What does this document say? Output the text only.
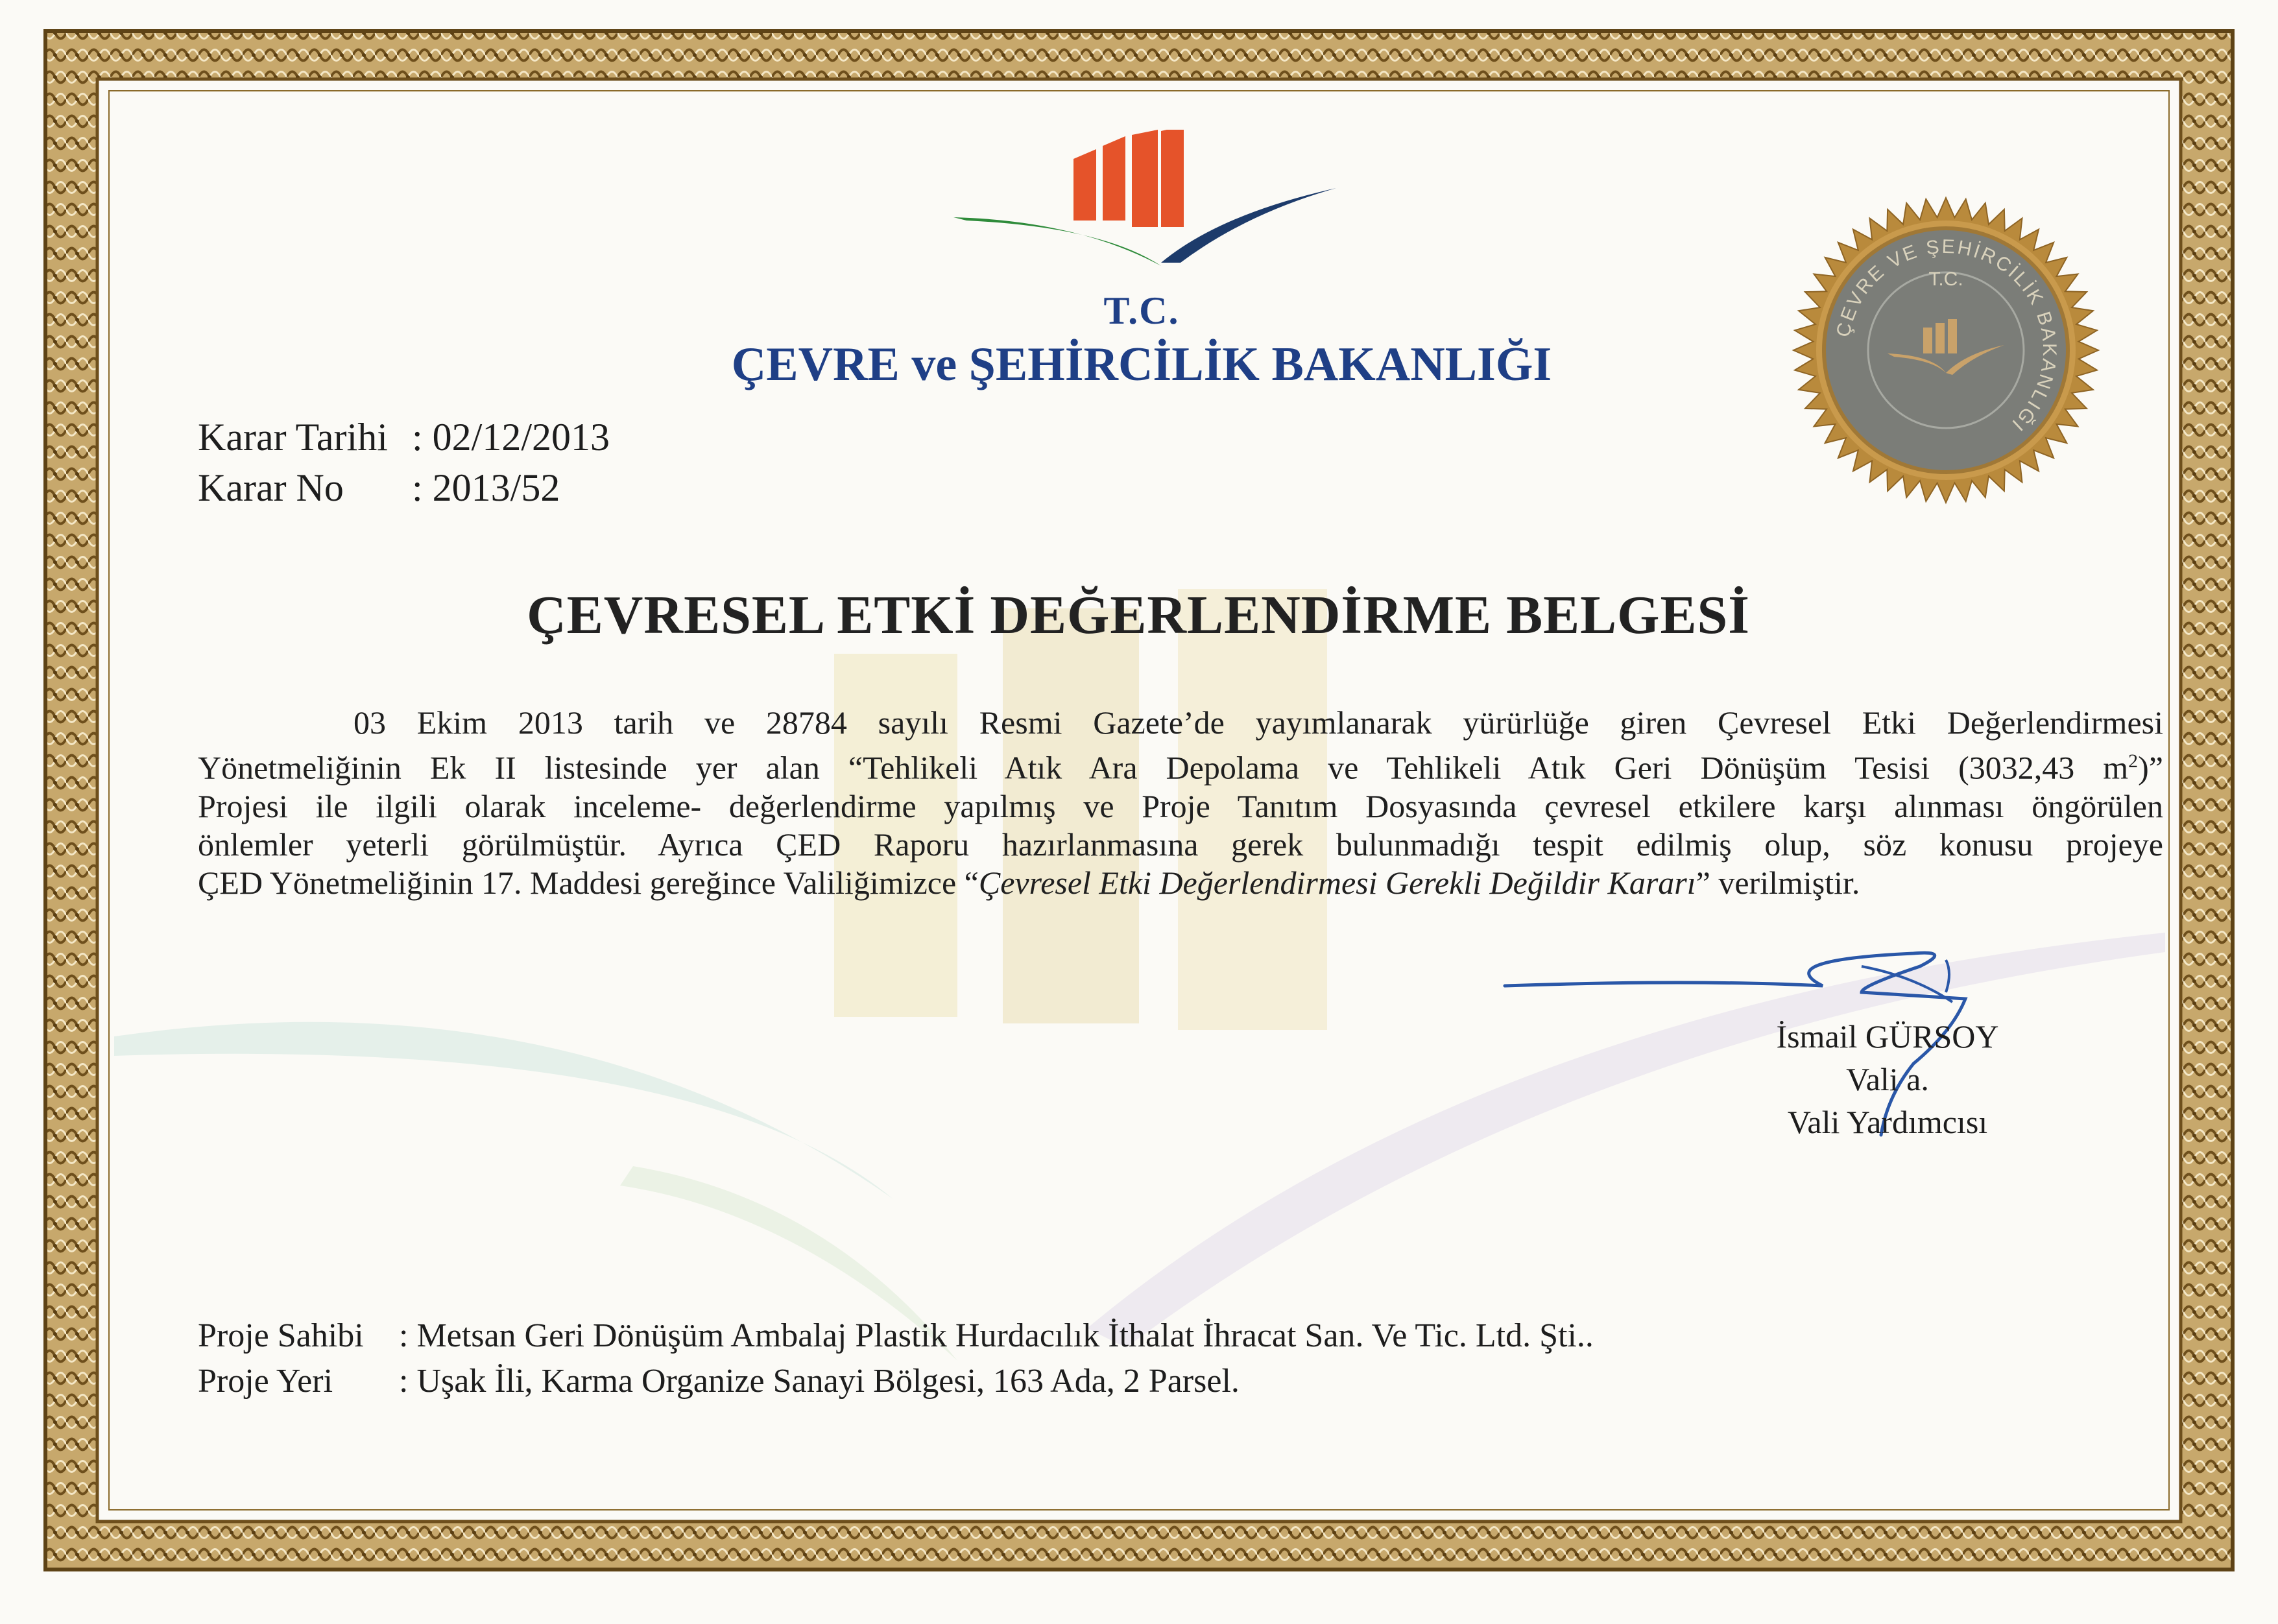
T.C.
ÇEVRE ve ŞEHİRCİLİK BAKANLIĞI
ÇEVRE VE ŞEHİRCİLİK BAKANLIĞI
T.C.
Karar Tarihi : 02/12/2013
Karar No : 2013/52
ÇEVRESEL ETKİ DEĞERLENDİRME BELGESİ
03 Ekim 2013 tarih ve 28784 sayılı Resmi Gazete’de yayımlanarak yürürlüğe giren Çevresel Etki Değerlendirmesi
Yönetmeliğinin Ek II listesinde yer alan “Tehlikeli Atık Ara Depolama ve Tehlikeli Atık Geri Dönüşüm Tesisi (3032,43 $m^2$)”
Projesi ile ilgili olarak inceleme- değerlendirme yapılmış ve Proje Tanıtım Dosyasında çevresel etkilere karşı alınması öngörülen
önlemler yeterli görülmüştür. Ayrıca ÇED Raporu hazırlanmasına gerek bulunmadığı tespit edilmiş olup, söz konusu projeye
ÇED Yönetmeliğinin 17. Maddesi gereğince Valiliğimizce “Çevresel Etki Değerlendirmesi Gerekli Değildir Kararı” verilmiştir.
İsmail GÜRSOY
Vali a.
Vali Yardımcısı
Proje Sahibi : Metsan Geri Dönüşüm Ambalaj Plastik Hurdacılık İthalat İhracat San. Ve Tic. Ltd. Şti..
Proje Yeri : Uşak İli, Karma Organize Sanayi Bölgesi, 163 Ada, 2 Parsel.
